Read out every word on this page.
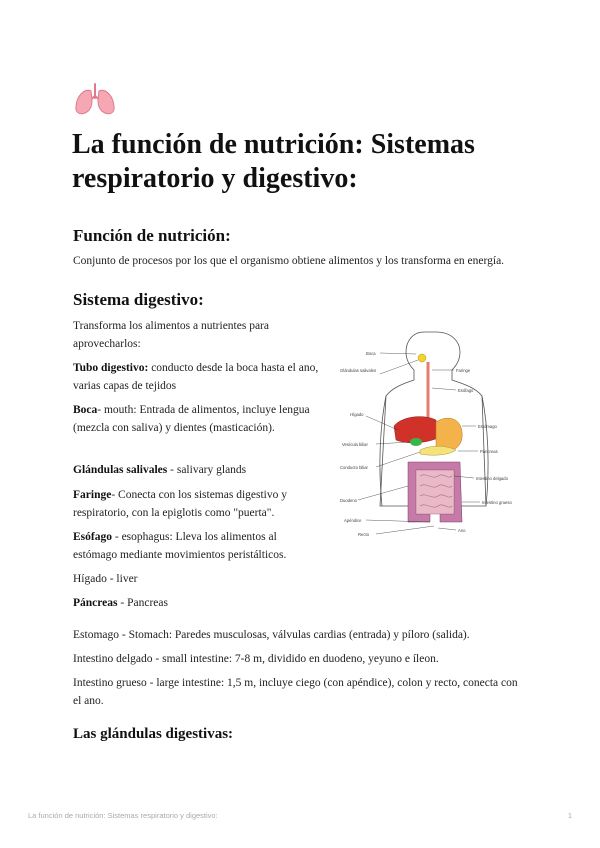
La función de nutrición: Sistemas respiratorio y digestivo:
Función de nutrición:

Conjunto de procesos por los que el organismo obtiene alimentos y los transforma en energía.

Sistema digestivo:

Transforma los alimentos a nutrientes para aprovecharlos:

Tubo digestivo: conducto desde la boca hasta el ano, varias capas de tejidos

Boca- mouth: Entrada de alimentos, incluye lengua (mezcla con saliva) y dientes (masticación).

Glándulas salivales - salivary glands

Faringe- Conecta con los sistemas digestivo y respiratorio, con la epiglotis como "puerta".

Esófago - esophagus: Lleva los alimentos al estómago mediante movimientos peristálticos.

Hígado - liver

Páncreas - Pancreas

Estomago - Stomach: Paredes musculosas, válvulas cardias (entrada) y píloro (salida).

Intestino delgado - small intestine: 7-8 m, dividido en duodeno, yeyuno e íleon.

Intestino grueso - large intestine: 1,5 m, incluye ciego (con apéndice), colon y recto, conecta con el ano.

Las glándulas digestivas:
Boca
Glándulas salivales
Hígado
Vesícula biliar
Conducto biliar
Duodeno
Apéndice
Recto
Faringe
Esófago
Estómago
Páncreas
Intestino delgado
Intestino grueso
Ano
La función de nutrición: Sistemas respiratorio y digestivo:	1
